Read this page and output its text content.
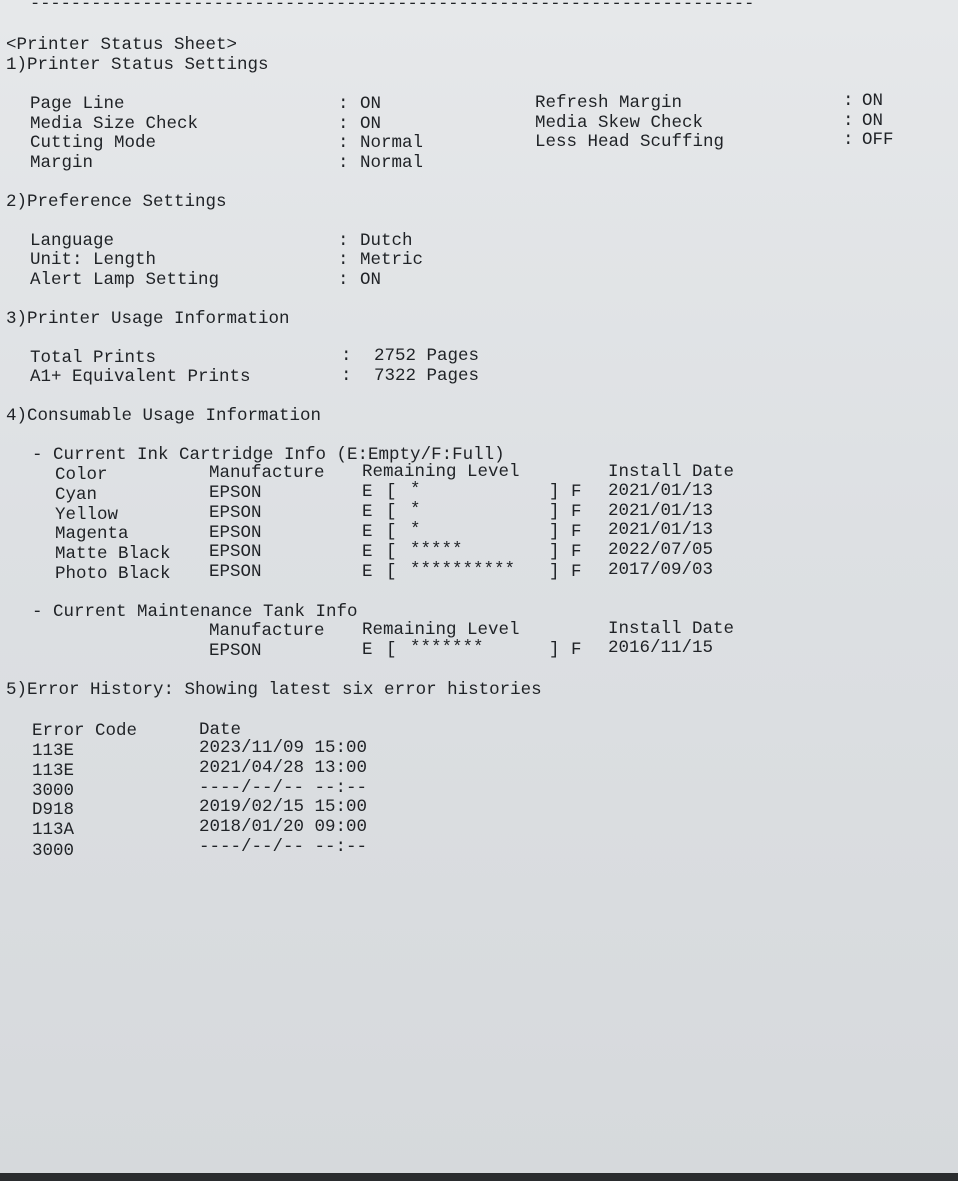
-----------------------------------------------------------------------
<Printer Status Sheet>
1)Printer Status Settings
Page Line	: ON
Media Size Check	: ON
Cutting Mode	: Normal
Margin	: Normal
Refresh Margin	: ON
Media Skew Check	: ON
Less Head Scuffing	: OFF
2)Preference Settings
Language	: Dutch
Unit: Length	: Metric
Alert Lamp Setting	: ON
3)Printer Usage Information
Total Prints	: 2752 Pages
A1+ Equivalent Prints	: 7322 Pages
4)Consumable Usage Information
- Current Ink Cartridge Info (E:Empty/F:Full)
Color	Manufacture Remaining Level	Install Date
Cyan	EPSON	E [ *	] F 2021/01/13
Yellow	EPSON	E [ *	] F 2021/01/13
Magenta	EPSON	E [ *	] F 2021/01/13
Matte Black EPSON	E [ *****	] F 2022/07/05
Photo Black EPSON	E [ ********** ] F 2017/09/03
- Current Maintenance Tank Info
Manufacture Remaining Level	Install Date
EPSON	E [ *******	] F 2016/11/15
5)Error History: Showing latest six error histories
Error Code	Date
113E	2023/11/09 15:00
113E	2021/04/28 13:00
3000	----/--/-- --:--
D918	2019/02/15 15:00
113A	2018/01/20 09:00
3000	----/--/-- --:--
